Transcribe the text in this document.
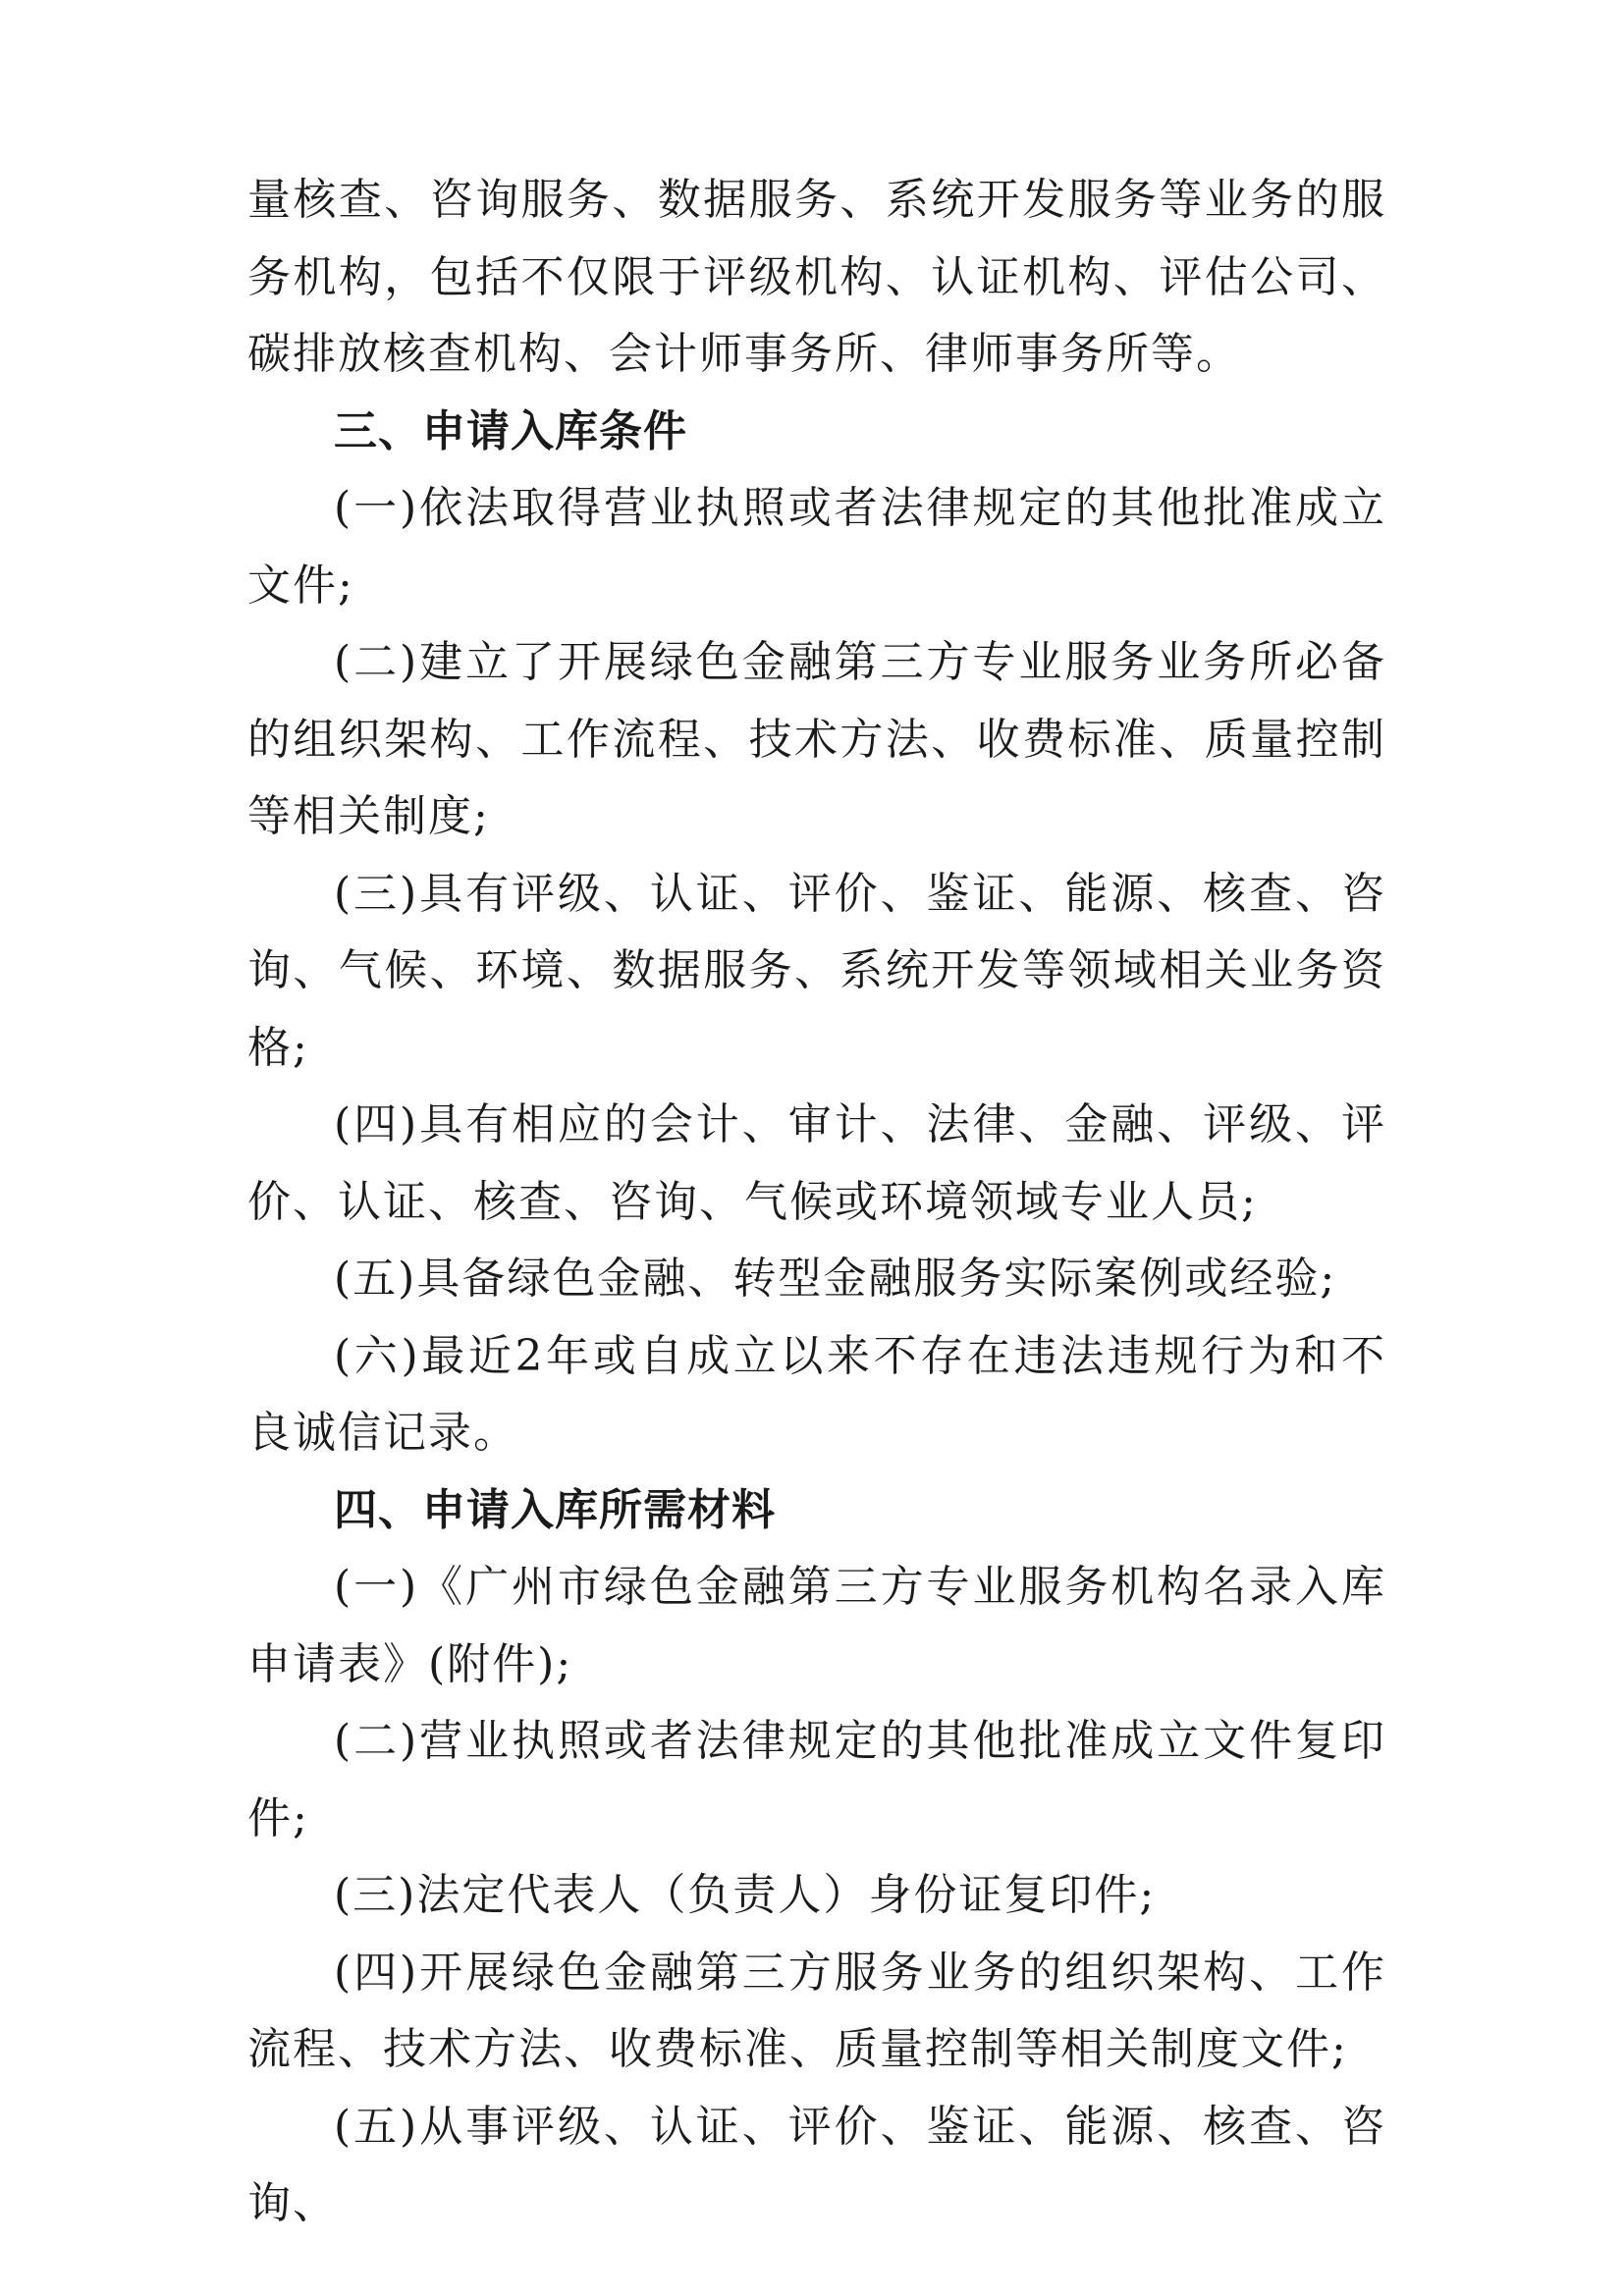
量核查、咨询服务、数据服务、系统开发服务等业务的服务机构，包括不仅限于评级机构、认证机构、评估公司、碳排放核查机构、会计师事务所、律师事务所等。

三、申请入库条件

(一)依法取得营业执照或者法律规定的其他批准成立文件;

(二)建立了开展绿色金融第三方专业服务业务所必备的组织架构、工作流程、技术方法、收费标准、质量控制等相关制度;

(三)具有评级、认证、评价、鉴证、能源、核查、咨询、气候、环境、数据服务、系统开发等领域相关业务资格;

(四)具有相应的会计、审计、法律、金融、评级、评价、认证、核查、咨询、气候或环境领域专业人员;

(五)具备绿色金融、转型金融服务实际案例或经验;

(六)最近2年或自成立以来不存在违法违规行为和不良诚信记录。

四、申请入库所需材料

(一)《广州市绿色金融第三方专业服务机构名录入库申请表》(附件);

(二)营业执照或者法律规定的其他批准成立文件复印件;

(三)法定代表人（负责人）身份证复印件;

(四)开展绿色金融第三方服务业务的组织架构、工作流程、技术方法、收费标准、质量控制等相关制度文件;

(五)从事评级、认证、评价、鉴证、能源、核查、咨询、
